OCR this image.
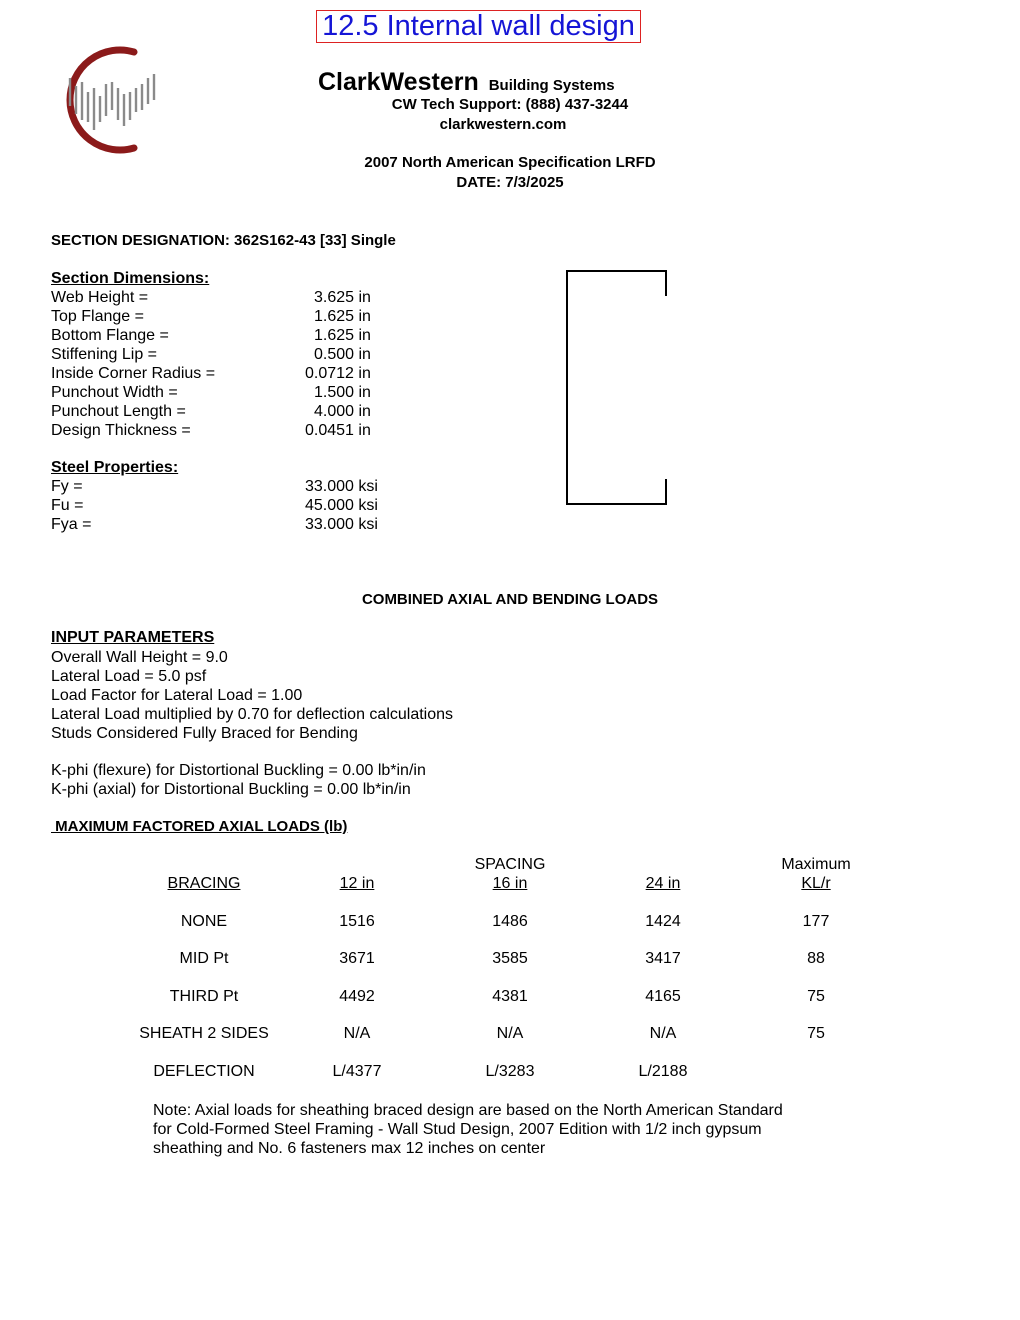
12.5 Internal wall design
ClarkWestern Building Systems
CW Tech Support: (888) 437-3244
clarkwestern.com
2007 North American Specification LRFD
DATE: 7/3/2025
SECTION DESIGNATION: 362S162-43 [33] Single
Section Dimensions:
Web Height =	3.625 in
Top Flange =	1.625 in
Bottom Flange =	1.625 in
Stiffening Lip =	0.500 in
Inside Corner Radius =	0.0712 in
Punchout Width =	1.500 in
Punchout Length =	4.000 in
Design Thickness =	0.0451 in
Steel Properties:
Fy =	33.000 ksi
Fu =	45.000 ksi
Fya =	33.000 ksi
COMBINED AXIAL AND BENDING LOADS
INPUT PARAMETERS
Overall Wall Height = 9.0
Lateral Load = 5.0 psf
Load Factor for Lateral Load = 1.00
Lateral Load multiplied by 0.70 for deflection calculations
Studs Considered Fully Braced for Bending
K-phi (flexure) for Distortional Buckling = 0.00 lb*in/in
K-phi (axial) for Distortional Buckling = 0.00 lb*in/in
MAXIMUM FACTORED AXIAL LOADS (lb)
SPACING	Maximum
BRACING	12 in	16 in	24 in	KL/r
NONE	1516	1486	1424	177
MID Pt	3671	3585	3417	88
THIRD Pt	4492	4381	4165	75
SHEATH 2 SIDES	N/A	N/A	N/A	75
DEFLECTION	L/4377	L/3283	L/2188
Note: Axial loads for sheathing braced design are based on the North American Standard
for Cold-Formed Steel Framing - Wall Stud Design, 2007 Edition with 1/2 inch gypsum
sheathing and No. 6 fasteners max 12 inches on center
